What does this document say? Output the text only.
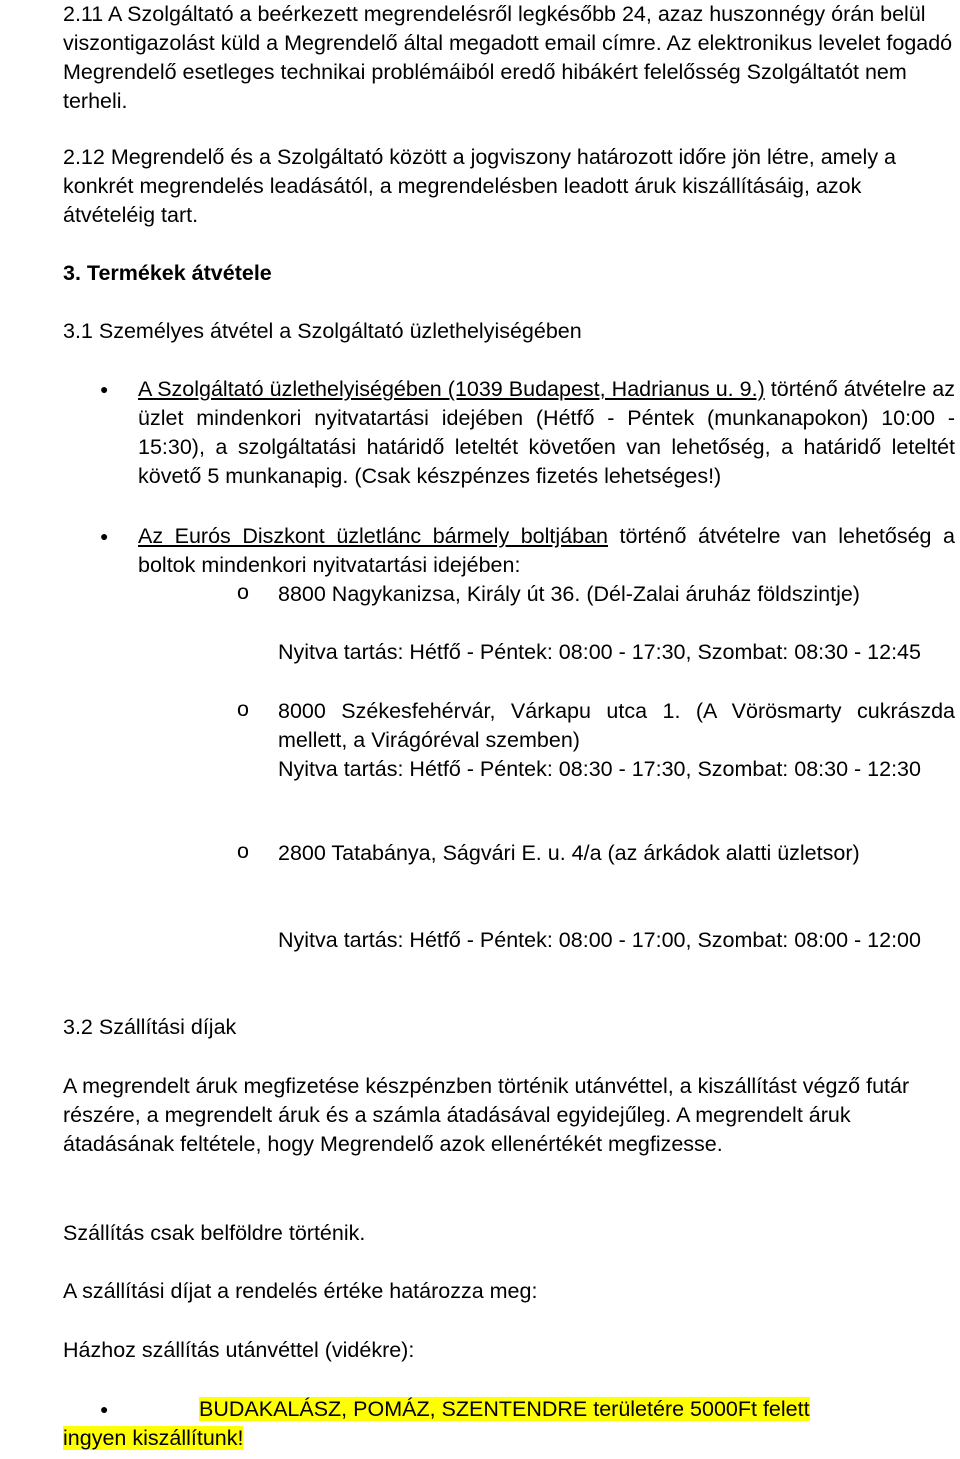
2.11 A Szolgáltató a beérkezett megrendelésről legkésőbb 24, azaz huszonnégy órán belül viszontigazolást küld a Megrendelő által megadott email címre. Az elektronikus levelet fogadó Megrendelő esetleges technikai problémáiból eredő hibákért felelősség Szolgáltatót nem terheli.

2.12 Megrendelő és a Szolgáltató között a jogviszony határozott időre jön létre, amely a konkrét megrendelés leadásától, a megrendelésben leadott áruk kiszállításáig, azok átvételéig tart.

3. Termékek átvétele
3.1 Személyes átvétel a Szolgáltató üzlethelyiségében
● A Szolgáltató üzlethelyiségében (1039 Budapest, Hadrianus u. 9.) történő átvételre az üzlet mindenkori nyitvatartási idejében (Hétfő - Péntek (munkanapokon) 10:00 - 15:30), a szolgáltatási határidő leteltét követően van lehetőség, a határidő leteltét követő 5 munkanapig. (Csak készpénzes fizetés lehetséges!)

● Az Eurós Diszkont üzletlánc bármely boltjában történő átvételre van lehetőség a boltok mindenkori nyitvatartási idejében:

o 8800 Nagykanizsa, Király út 36. (Dél-Zalai áruház földszintje)

Nyitva tartás: Hétfő - Péntek: 08:00 - 17:30, Szombat: 08:30 - 12:45

o 8000 Székesfehérvár, Várkapu utca 1. (A Vörösmarty cukrászda mellett, a Virágóréval szemben)

Nyitva tartás: Hétfő - Péntek: 08:30 - 17:30, Szombat: 08:30 - 12:30

o 2800 Tatabánya, Ságvári E. u. 4/a (az árkádok alatti üzletsor)

Nyitva tartás: Hétfő - Péntek: 08:00 - 17:00, Szombat: 08:00 - 12:00

3.2 Szállítási díjak

A megrendelt áruk megfizetése készpénzben történik utánvéttel, a kiszállítást végző futár részére, a megrendelt áruk és a számla átadásával egyidejűleg. A megrendelt áruk átadásának feltétele, hogy Megrendelő azok ellenértékét megfizesse.

Szállítás csak belföldre történik.
A szállítási díjat a rendelés értéke határozza meg:
Házhoz szállítás utánvéttel (vidékre):
●	BUDAKALÁSZ, POMÁZ, SZENTENDRE területére 5000Ft felett
ingyen kiszállítunk!
